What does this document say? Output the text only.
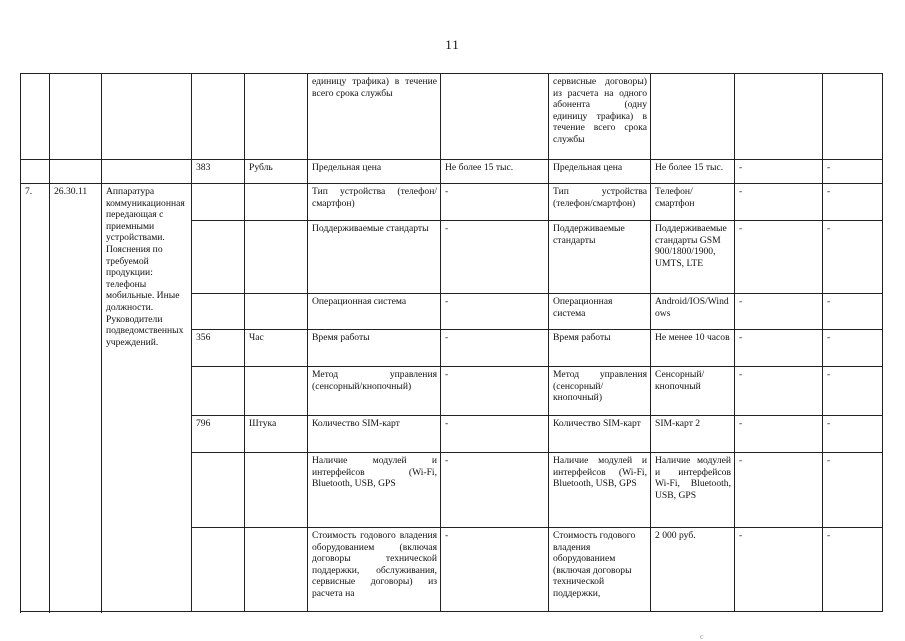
11
					единицу трафика) в течение всего срока службы		сервисные договоры) из расчета на одного абонента (одну единицу трафика) в течение всего срока службы			
			383	Рубль	Предельная цена	Не более 15 тыс.	Предельная цена	Не более 15 тыс.	-	-

7.	26.30.11	Аппаратура коммуникационная передающая с приемными устройствами. Пояснения по требуемой продукции: телефоны мобильные. Иные должности. Руководители подведомственных учреждений.			Тип устройства (телефон/смартфон)	-	Тип устройства (телефон/смартфон)	Телефон/смартфон	-	-
					Поддерживаемые стандарты	-	Поддерживаемые стандарты	Поддерживаемые стандарты GSM 900/1800/1900, UMTS, LTE	-	-
					Операционная система	-	Операционная система	Android/IOS/Windows	-	-
			356	Час	Время работы	-	Время работы	Не менее 10 часов	-	-
					Метод управления (сенсорный/кнопочный)	-	Метод управления (сенсорный/кнопочный)	Сенсорный/кнопочный	-	-
			796	Штука	Количество SIM-карт	-	Количество SIM-карт	SIM-карт 2	-	-
					Наличие модулей и интерфейсов (Wi-Fi, Bluetooth, USB, GPS	-	Наличие модулей и интерфейсов (Wi-Fi, Bluetooth, USB, GPS	Наличие модулей и интерфейсов Wi-Fi, Bluetooth, USB, GPS	-	-
					Стоимость годового владения оборудованием (включая договоры технической поддержки, обслуживания, сервисные договоры) из расчета на	-	Стоимость годового владения оборудованием (включая договоры технической поддержки,	2 000 руб.	-	-

c
